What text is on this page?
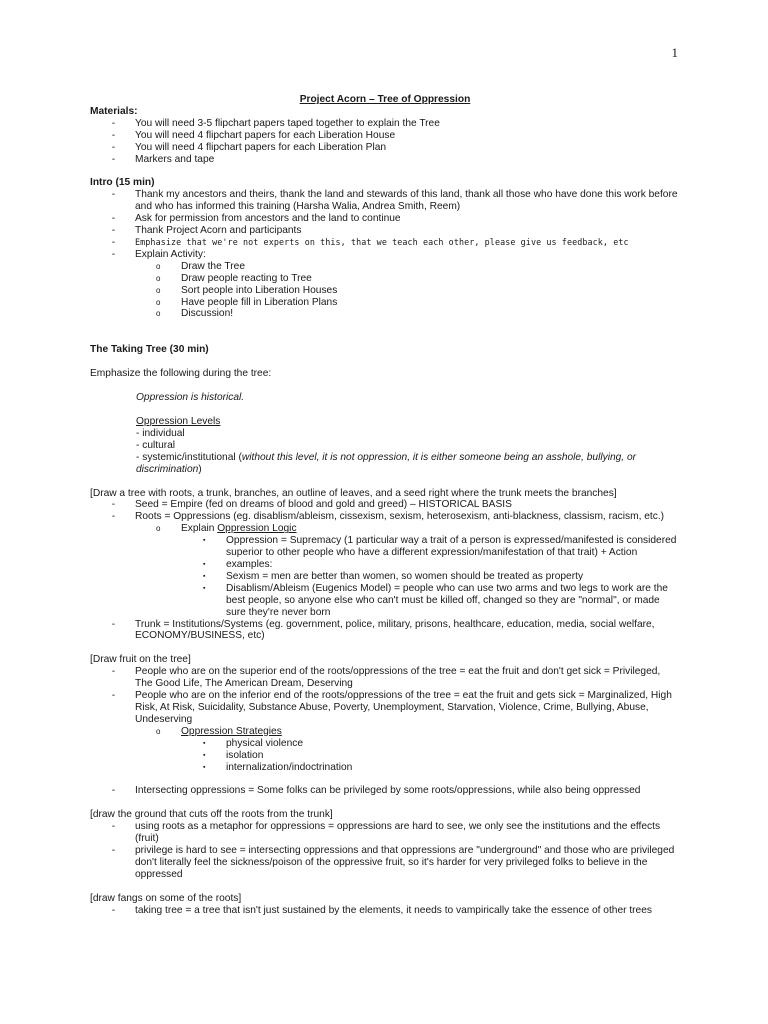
1
Project Acorn – Tree of Oppression
Materials:
-	You will need 3-5 flipchart papers taped together to explain the Tree
-	You will need 4 flipchart papers for each Liberation House
-	You will need 4 flipchart papers for each Liberation Plan
-	Markers and tape
Intro (15 min)
-	Thank my ancestors and theirs, thank the land and stewards of this land, thank all those who have done this work before and who has informed this training (Harsha Walia, Andrea Smith, Reem)
-	Ask for permission from ancestors and the land to continue
-	Thank Project Acorn and participants
-	Emphasize that we're not experts on this, that we teach each other, please give us feedback, etc
-	Explain Activity:
o	Draw the Tree
o	Draw people reacting to Tree
o	Sort people into Liberation Houses
o	Have people fill in Liberation Plans
o	Discussion!
The Taking Tree (30 min)
Emphasize the following during the tree:
Oppression is historical.
Oppression Levels
- individual
- cultural
- systemic/institutional (without this level, it is not oppression, it is either someone being an asshole, bullying, or discrimination)
[Draw a tree with roots, a trunk, branches, an outline of leaves, and a seed right where the trunk meets the branches]
-	Seed = Empire (fed on dreams of blood and gold and greed) – HISTORICAL BASIS
-	Roots = Oppressions (eg. disablism/ableism, cissexism, sexism, heterosexism, anti-blackness, classism, racism, etc.)
o	Explain Oppression Logic
▪	Oppression = Supremacy (1 particular way a trait of a person is expressed/manifested is considered superior to other people who have a different expression/manifestation of that trait) + Action
▪	examples:
▪	Sexism = men are better than women, so women should be treated as property
▪	Disablism/Ableism (Eugenics Model) = people who can use two arms and two legs to work are the best people, so anyone else who can't must be killed off, changed so they are "normal", or made sure they're never born
-	Trunk = Institutions/Systems (eg. government, police, military, prisons, healthcare, education, media, social welfare, ECONOMY/BUSINESS, etc)
[Draw fruit on the tree]
-	People who are on the superior end of the roots/oppressions of the tree = eat the fruit and don't get sick = Privileged, The Good Life, The American Dream, Deserving
-	People who are on the inferior end of the roots/oppressions of the tree = eat the fruit and gets sick = Marginalized, High Risk, At Risk, Suicidality, Substance Abuse, Poverty, Unemployment, Starvation, Violence, Crime, Bullying, Abuse, Undeserving
o	Oppression Strategies
▪	physical violence
▪	isolation
▪	internalization/indoctrination
-	Intersecting oppressions = Some folks can be privileged by some roots/oppressions, while also being oppressed
[draw the ground that cuts off the roots from the trunk]
-	using roots as a metaphor for oppressions = oppressions are hard to see, we only see the institutions and the effects (fruit)
-	privilege is hard to see = intersecting oppressions and that oppressions are "underground" and those who are privileged don't literally feel the sickness/poison of the oppressive fruit, so it's harder for very privileged folks to believe in the oppressed
[draw fangs on some of the roots]
-	taking tree = a tree that isn't just sustained by the elements, it needs to vampirically take the essence of other trees
